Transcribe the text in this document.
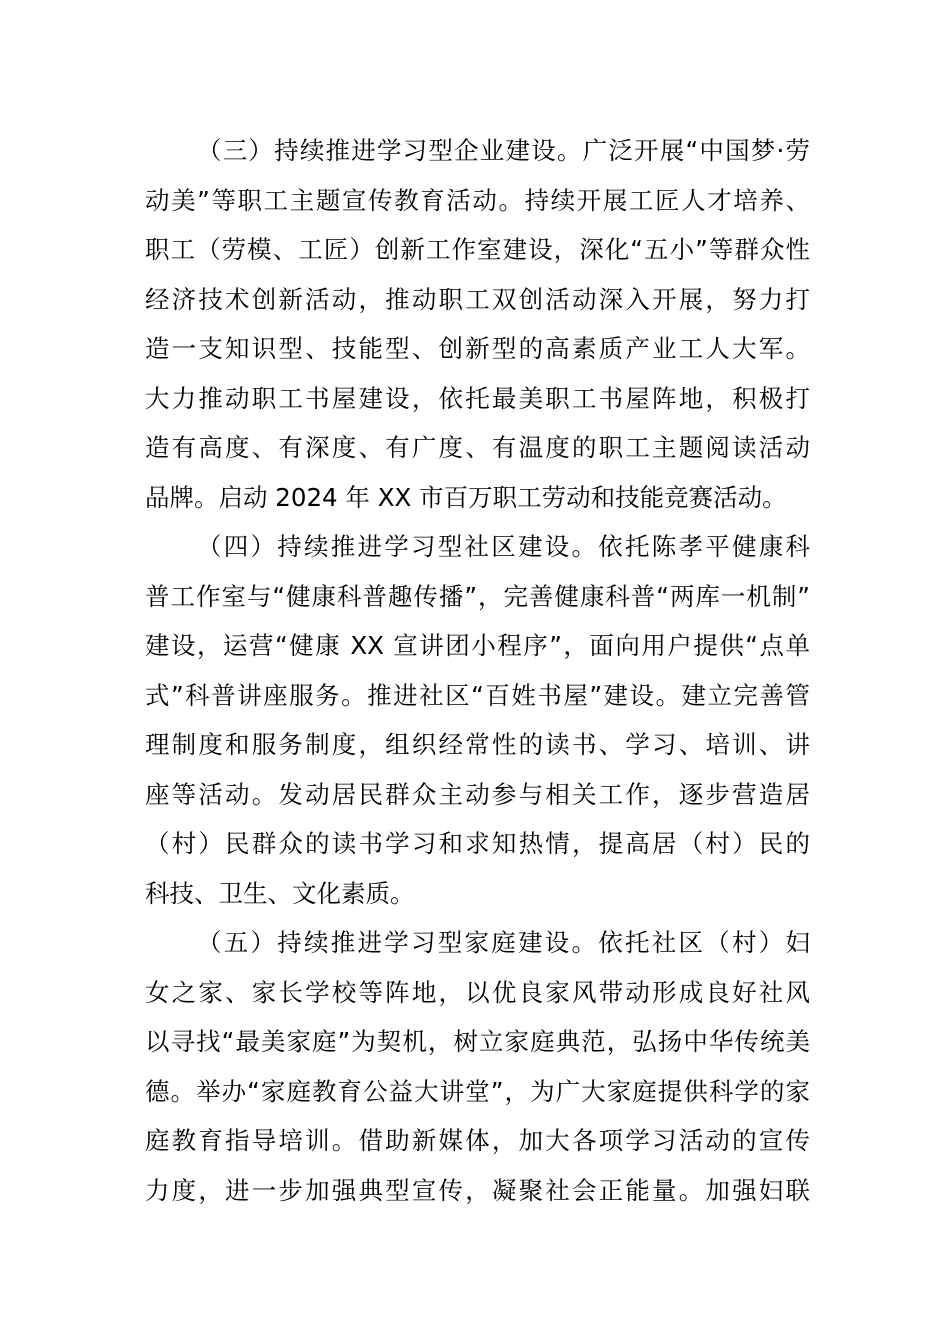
（三）持续推进学习型企业建设。广泛开展“中国梦·劳
动美”等职工主题宣传教育活动。持续开展工匠人才培养、
职工（劳模、工匠）创新工作室建设，深化“五小”等群众性
经济技术创新活动，推动职工双创活动深入开展，努力打
造一支知识型、技能型、创新型的高素质产业工人大军。
大力推动职工书屋建设，依托最美职工书屋阵地，积极打
造有高度、有深度、有广度、有温度的职工主题阅读活动
品牌。启动 2024 年 XX 市百万职工劳动和技能竞赛活动。
（四）持续推进学习型社区建设。依托陈孝平健康科
普工作室与“健康科普趣传播”，完善健康科普“两库一机制”
建设，运营“健康 XX 宣讲团小程序”，面向用户提供“点单
式”科普讲座服务。推进社区“百姓书屋”建设。建立完善管
理制度和服务制度，组织经常性的读书、学习、培训、讲
座等活动。发动居民群众主动参与相关工作，逐步营造居
（村）民群众的读书学习和求知热情，提高居（村）民的
科技、卫生、文化素质。
（五）持续推进学习型家庭建设。依托社区（村）妇
女之家、家长学校等阵地，以优良家风带动形成良好社风
以寻找“最美家庭”为契机，树立家庭典范，弘扬中华传统美
德。举办“家庭教育公益大讲堂”，为广大家庭提供科学的家
庭教育指导培训。借助新媒体，加大各项学习活动的宣传
力度，进一步加强典型宣传，凝聚社会正能量。加强妇联
